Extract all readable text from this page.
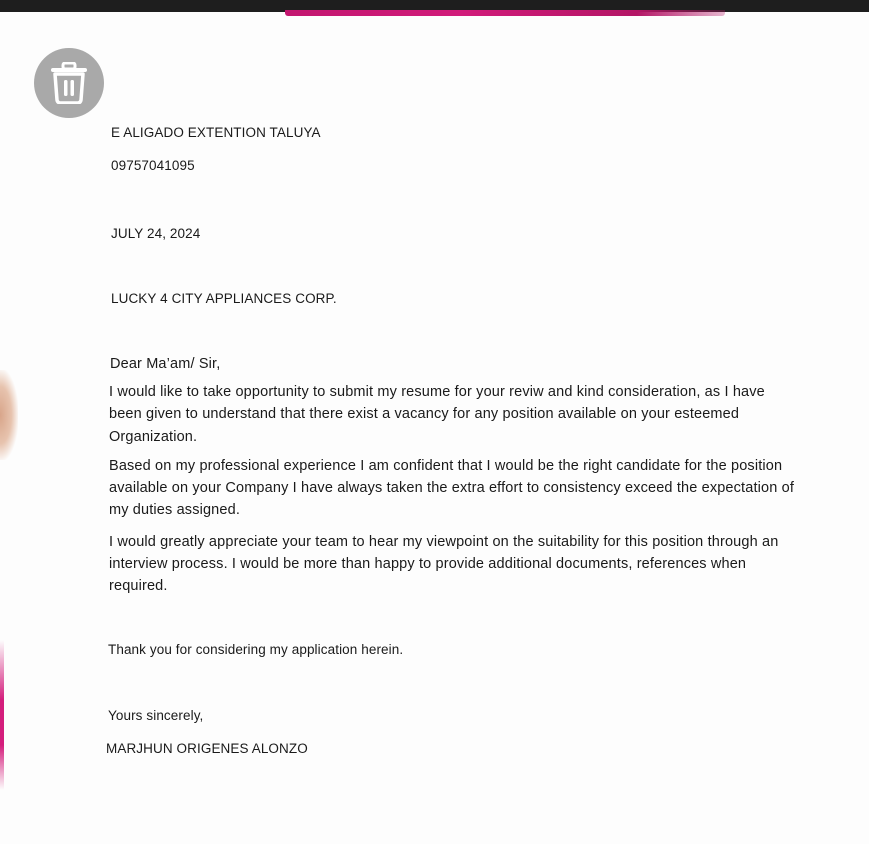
E ALIGADO EXTENTION TALUYA
09757041095
JULY 24, 2024
LUCKY 4 CITY APPLIANCES CORP.
Dear Ma’am/ Sir,
I would like to take opportunity to submit my resume for your reviw and kind consideration, as I have
been given to understand that there exist a vacancy for any position available on your esteemed
Organization.
Based on my professional experience I am confident that I would be the right candidate for the position
available on your Company I have always taken the extra effort to consistency exceed the expectation of
my duties assigned.
I would greatly appreciate your team to hear my viewpoint on the suitability for this position through an
interview process. I would be more than happy to provide additional documents, references when
required.
Thank you for considering my application herein.
Yours sincerely,
MARJHUN ORIGENES ALONZO
